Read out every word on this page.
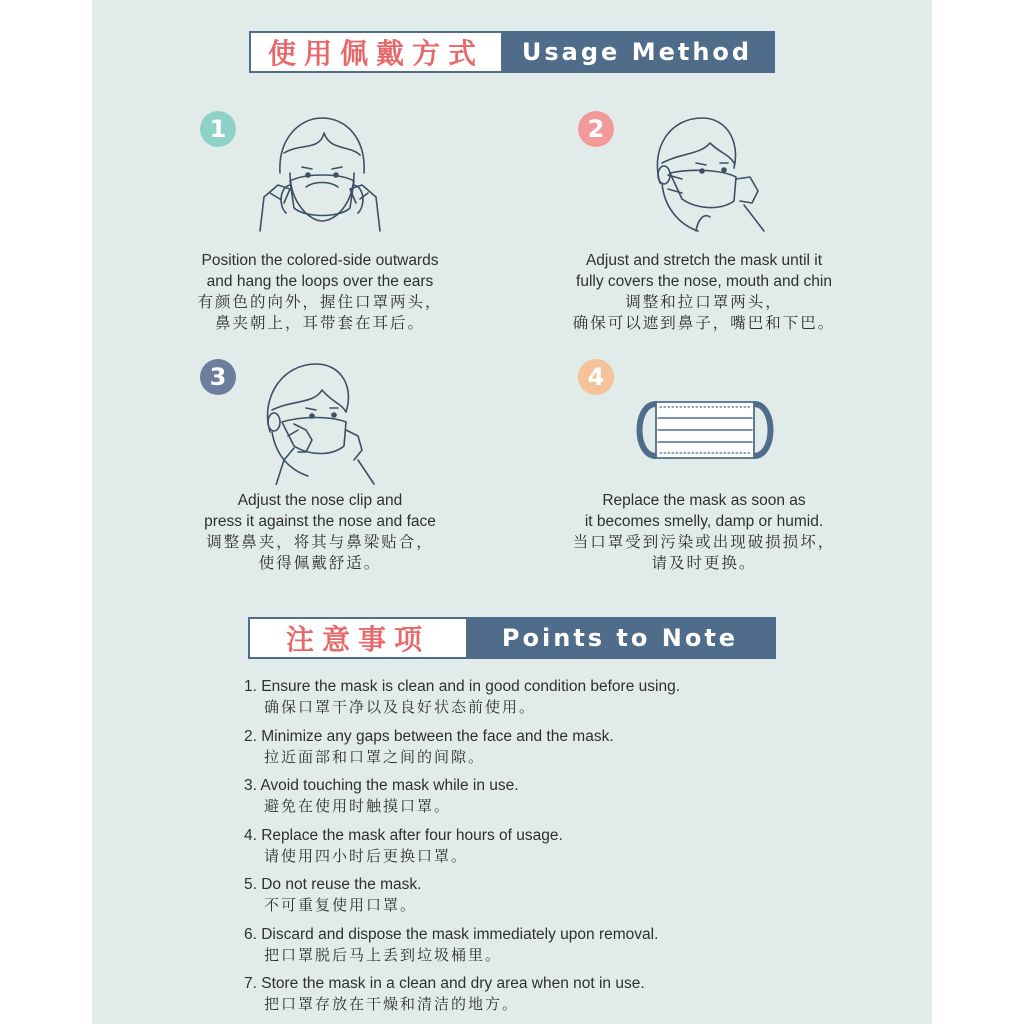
使用佩戴方式	Usage Method
1
Position the colored-side outwards
and hang the loops over the ears
有颜色的向外，握住口罩两头，
鼻夹朝上，耳带套在耳后。
2
Adjust and stretch the mask until it
fully covers the nose, mouth and chin
调整和拉口罩两头，
确保可以遮到鼻子，嘴巴和下巴。
3
Adjust the nose clip and
press it against the nose and face
调整鼻夹，将其与鼻梁贴合，
使得佩戴舒适。
4
Replace the mask as soon as
it becomes smelly, damp or humid.
当口罩受到污染或出现破损损坏，
请及时更换。
注意事项	Points to Note
1. Ensure the mask is clean and in good condition before using.
确保口罩干净以及良好状态前使用。
2. Minimize any gaps between the face and the mask.
拉近面部和口罩之间的间隙。
3. Avoid touching the mask while in use.
避免在使用时触摸口罩。
4. Replace the mask after four hours of usage.
请使用四小时后更换口罩。
5. Do not reuse the mask.
不可重复使用口罩。
6. Discard and dispose the mask immediately upon removal.
把口罩脱后马上丢到垃圾桶里。
7. Store the mask in a clean and dry area when not in use.
把口罩存放在干燥和清洁的地方。
